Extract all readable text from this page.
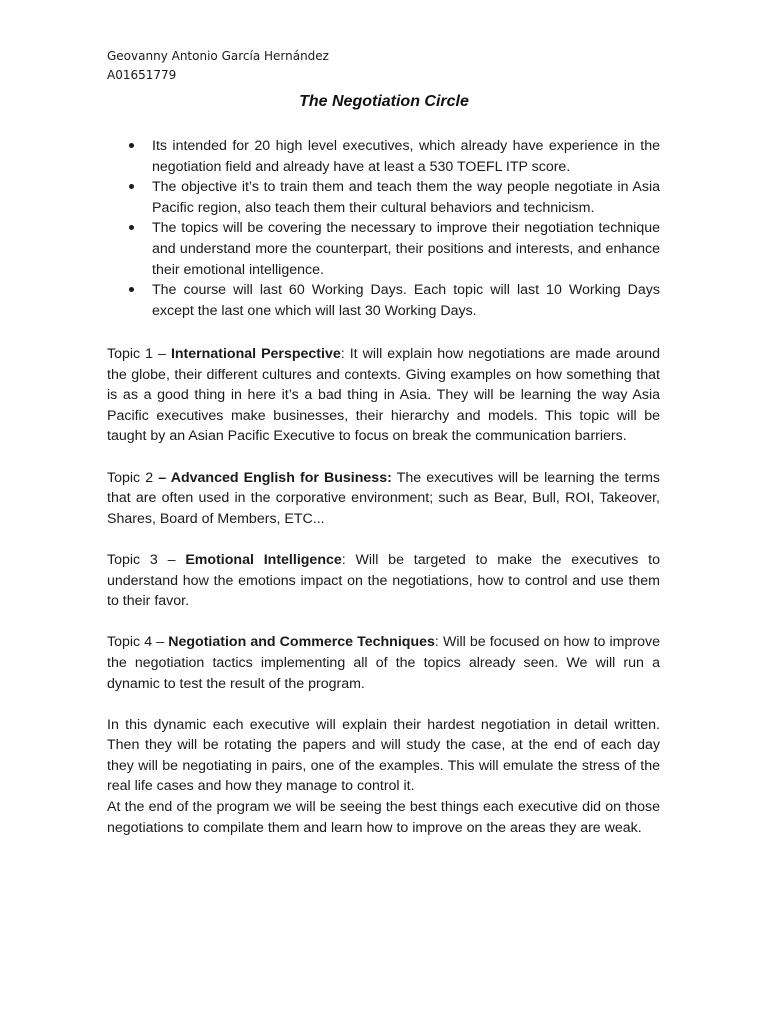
Geovanny Antonio García Hernández
A01651779
The Negotiation Circle
Its intended for 20 high level executives, which already have experience in the negotiation field and already have at least a 530 TOEFL ITP score.
The objective it’s to train them and teach them the way people negotiate in Asia Pacific region, also teach them their cultural behaviors and technicism.
The topics will be covering the necessary to improve their negotiation technique and understand more the counterpart, their positions and interests, and enhance their emotional intelligence.
The course will last 60 Working Days. Each topic will last 10 Working Days except the last one which will last 30 Working Days.

Topic 1 – International Perspective: It will explain how negotiations are made around the globe, their different cultures and contexts. Giving examples on how something that is as a good thing in here it’s a bad thing in Asia. They will be learning the way Asia Pacific executives make businesses, their hierarchy and models. This topic will be taught by an Asian Pacific Executive to focus on break the communication barriers.

Topic 2 – Advanced English for Business: The executives will be learning the terms that are often used in the corporative environment; such as Bear, Bull, ROI, Takeover, Shares, Board of Members, ETC...

Topic 3 – Emotional Intelligence: Will be targeted to make the executives to understand how the emotions impact on the negotiations, how to control and use them to their favor.

Topic 4 – Negotiation and Commerce Techniques: Will be focused on how to improve the negotiation tactics implementing all of the topics already seen. We will run a dynamic to test the result of the program.

In this dynamic each executive will explain their hardest negotiation in detail written. Then they will be rotating the papers and will study the case, at the end of each day they will be negotiating in pairs, one of the examples. This will emulate the stress of the real life cases and how they manage to control it.

At the end of the program we will be seeing the best things each executive did on those negotiations to compilate them and learn how to improve on the areas they are weak.
